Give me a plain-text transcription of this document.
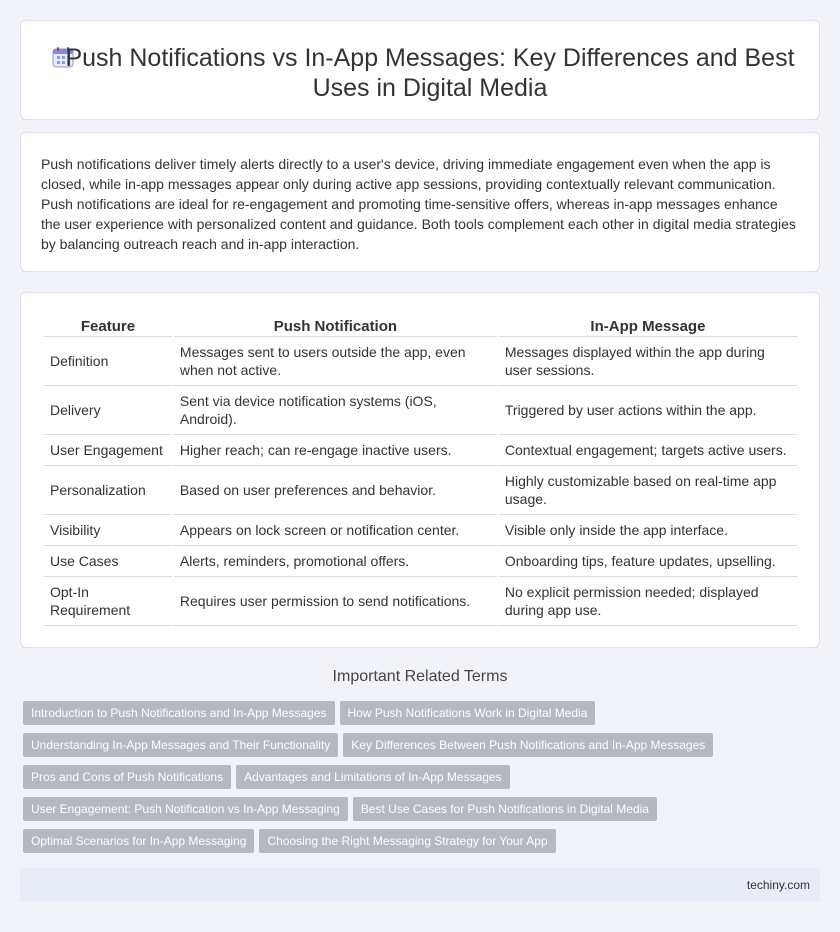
Push Notifications vs In-App Messages: Key Differences and Best Uses in Digital Media

Push notifications deliver timely alerts directly to a user's device, driving immediate engagement even when the app is closed, while in-app messages appear only during active app sessions, providing contextually relevant communication. Push notifications are ideal for re-engagement and promoting time-sensitive offers, whereas in-app messages enhance the user experience with personalized content and guidance. Both tools complement each other in digital media strategies by balancing outreach reach and in-app interaction.

Feature	Push Notification	In-App Message
Definition	Messages sent to users outside the app, even when not active.	Messages displayed within the app during user sessions.
Delivery	Sent via device notification systems (iOS, Android).	Triggered by user actions within the app.
User Engagement	Higher reach; can re-engage inactive users.	Contextual engagement; targets active users.
Personalization	Based on user preferences and behavior.	Highly customizable based on real-time app usage.
Visibility	Appears on lock screen or notification center.	Visible only inside the app interface.
Use Cases	Alerts, reminders, promotional offers.	Onboarding tips, feature updates, upselling.
Opt-In Requirement	Requires user permission to send notifications.	No explicit permission needed; displayed during app use.
Important Related Terms
Introduction to Push Notifications and In-App Messages How Push Notifications Work in Digital Media
Understanding In-App Messages and Their Functionality Key Differences Between Push Notifications and In-App Messages
Pros and Cons of Push Notifications Advantages and Limitations of In-App Messages
User Engagement: Push Notification vs In-App Messaging Best Use Cases for Push Notifications in Digital Media
Optimal Scenarios for In-App Messaging Choosing the Right Messaging Strategy for Your App
techiny.com
